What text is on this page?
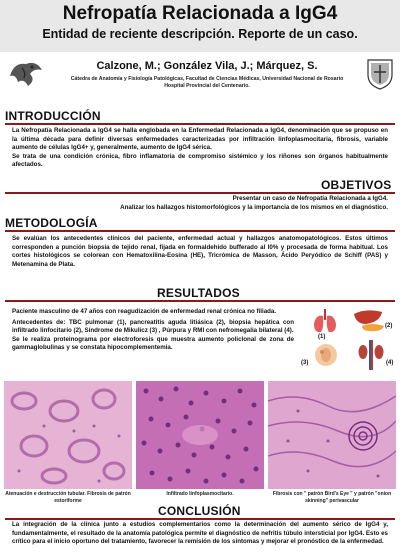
Nefropatía Relacionada a IgG4
Entidad de reciente descripción. Reporte de un caso.
Calzone, M.; González Vila, J.; Márquez, S.
Cátedra de Anatomía y Fisiología Patológicas, Facultad de Ciencias Médicas, Universidad Nacional de Rosario
Hospital Provincial del Centenario.
INTRODUCCIÓN

La Nefropatía Relacionada a IgG4 se halla englobada en la Enfermedad Relacionada a IgG4, denominación que se propuso en la última década para definir diversas enfermedades caracterizadas por infiltración linfoplasmocitaria, fibrosis, variable aumento de células IgG4+ y, generalmente, aumento de IgG4 sérica.

Se trata de una condición crónica, fibro inflamatoria de compromiso sistémico y los riñones son órganos habitualmente afectados.

OBJETIVOS

Presentar un caso de Nefropatía Relacionada a IgG4.

Analizar los hallazgos histomorfológicos y la importancia de los mismos en el diagnóstico.

METODOLOGÍA

Se evalúan los antecedentes clínicos del paciente, enfermedad actual y hallazgos anatomopatológicos. Estos últimos corresponden a punción biopsia de tejido renal, fijada en formaldehído bufferado al l0% y procesada de forma habitual. Los cortes histológicos se colorean con Hematoxilina-Eosina (HE), Tricrómica de Masson, Ácido Peryódico de Schiff (PAS) y Metenamina de Plata.

RESULTADOS

Paciente masculino de 47 años con reagudización de enfermedad renal crónica no filiada.

Antecedentes de: TBC pulmonar (1), pancreatitis aguda litiásica (2), biopsia hepática con infiltrado linfocitario (2), Síndrome de Mikulicz (3) , Púrpura y RMI con nefromegalia bilateral (4).

Se le realiza proteinograma por electroforesis que muestra aumento policlonal de zona de gammaglobulinas y se constata hipocomplementemia.

(1)
(2)
(3)	(4)
Atenuación e destrucción tubular. Fibrosis de patrón estoriforme
Infiltrado linfoplasmocitario.	Fibrosis con " patrón Bird's Eye " y patrón "onion skinning" perivascular
CONCLUSIÓN

La integración de la clínica junto a estudios complementarios como la determinación del aumento sérico de IgG4 y, fundamentalmente, el resultado de la anatomía patológica permite el diagnóstico de nefritis túbulo intersticial por IgG4. Esto es crítico para el inicio oportuno del tratamiento, favorecer la remisión de los síntomas y mejorar el pronóstico de la enfermedad.
